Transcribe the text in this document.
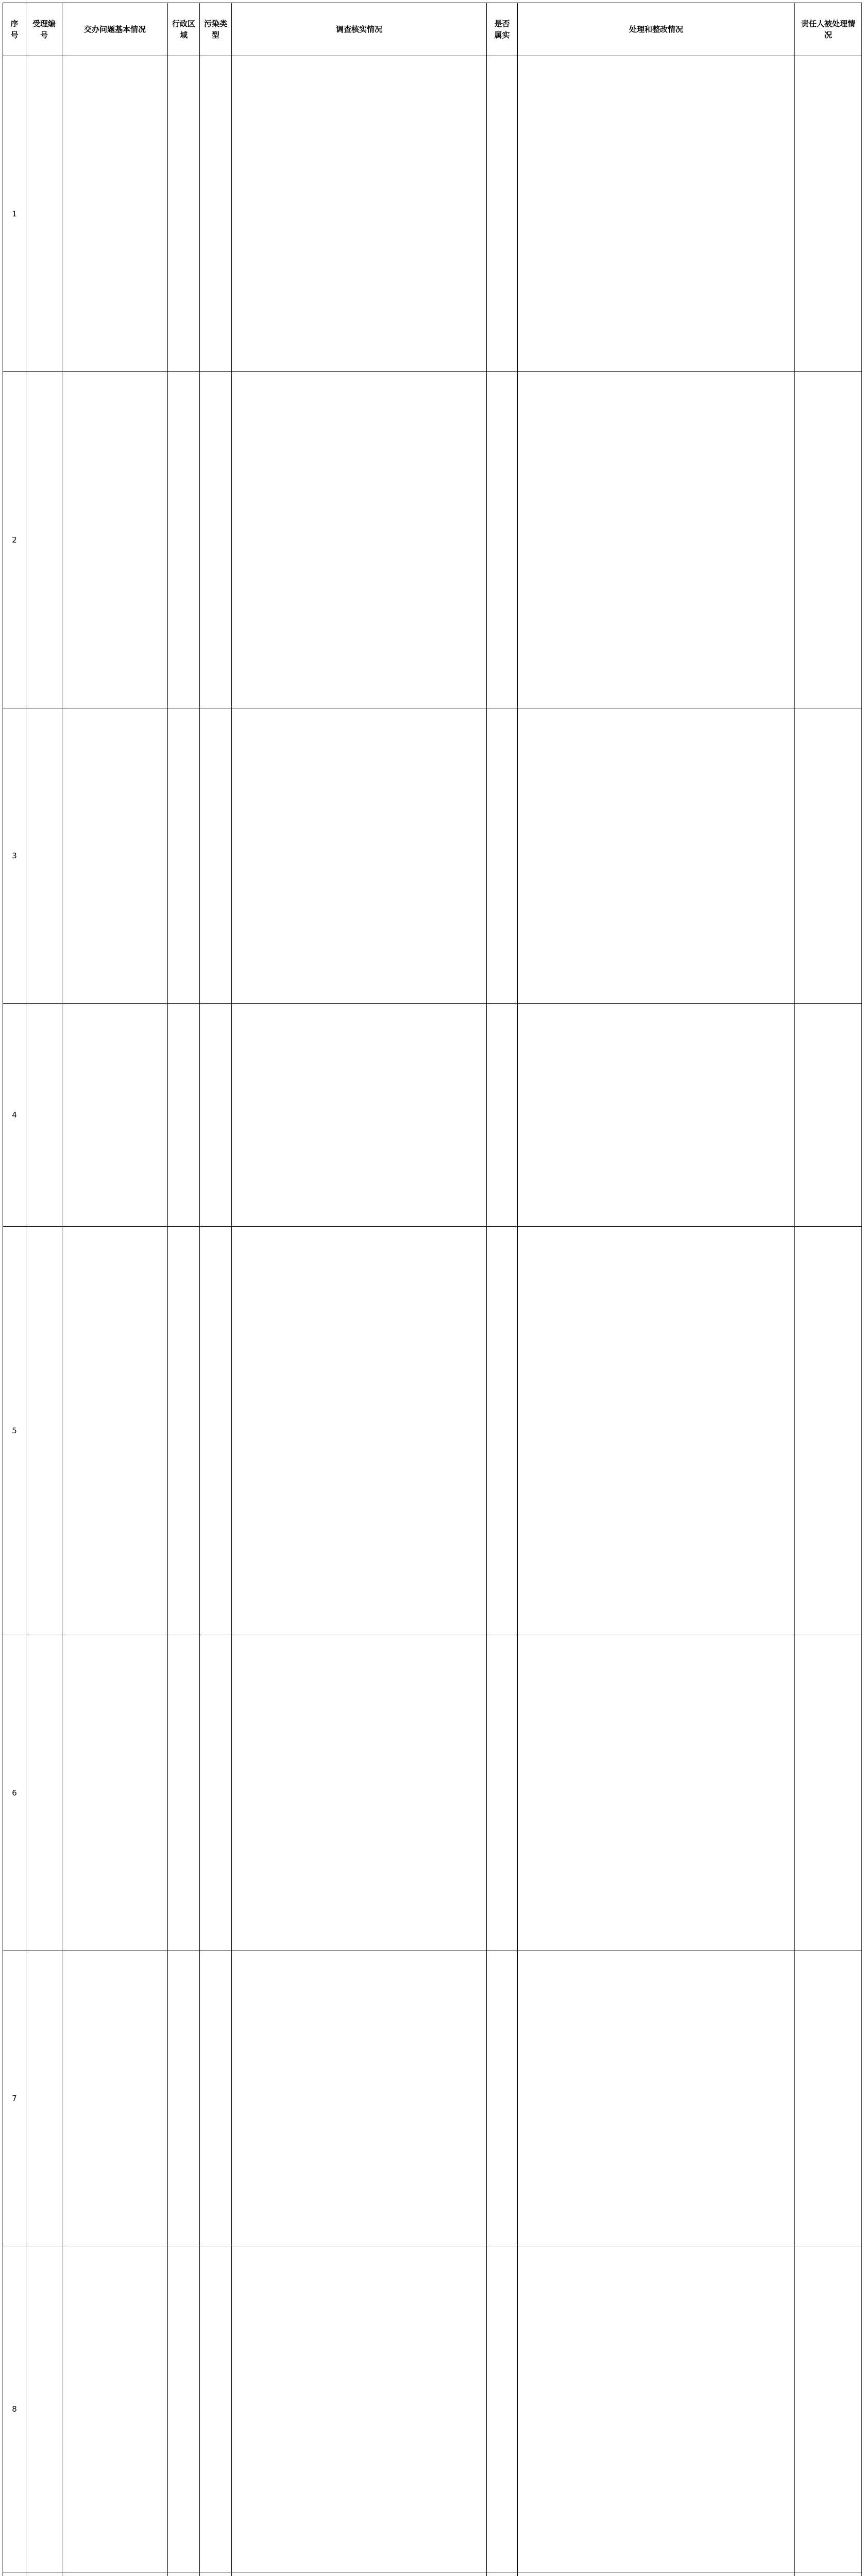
序号	受理编号	交办问题基本情况	行政区域	污染类型	调查核实情况	是否属实	处理和整改情况	责任人被处理情况
1								
2								
3								
4								
5								
6								
7								
8								
